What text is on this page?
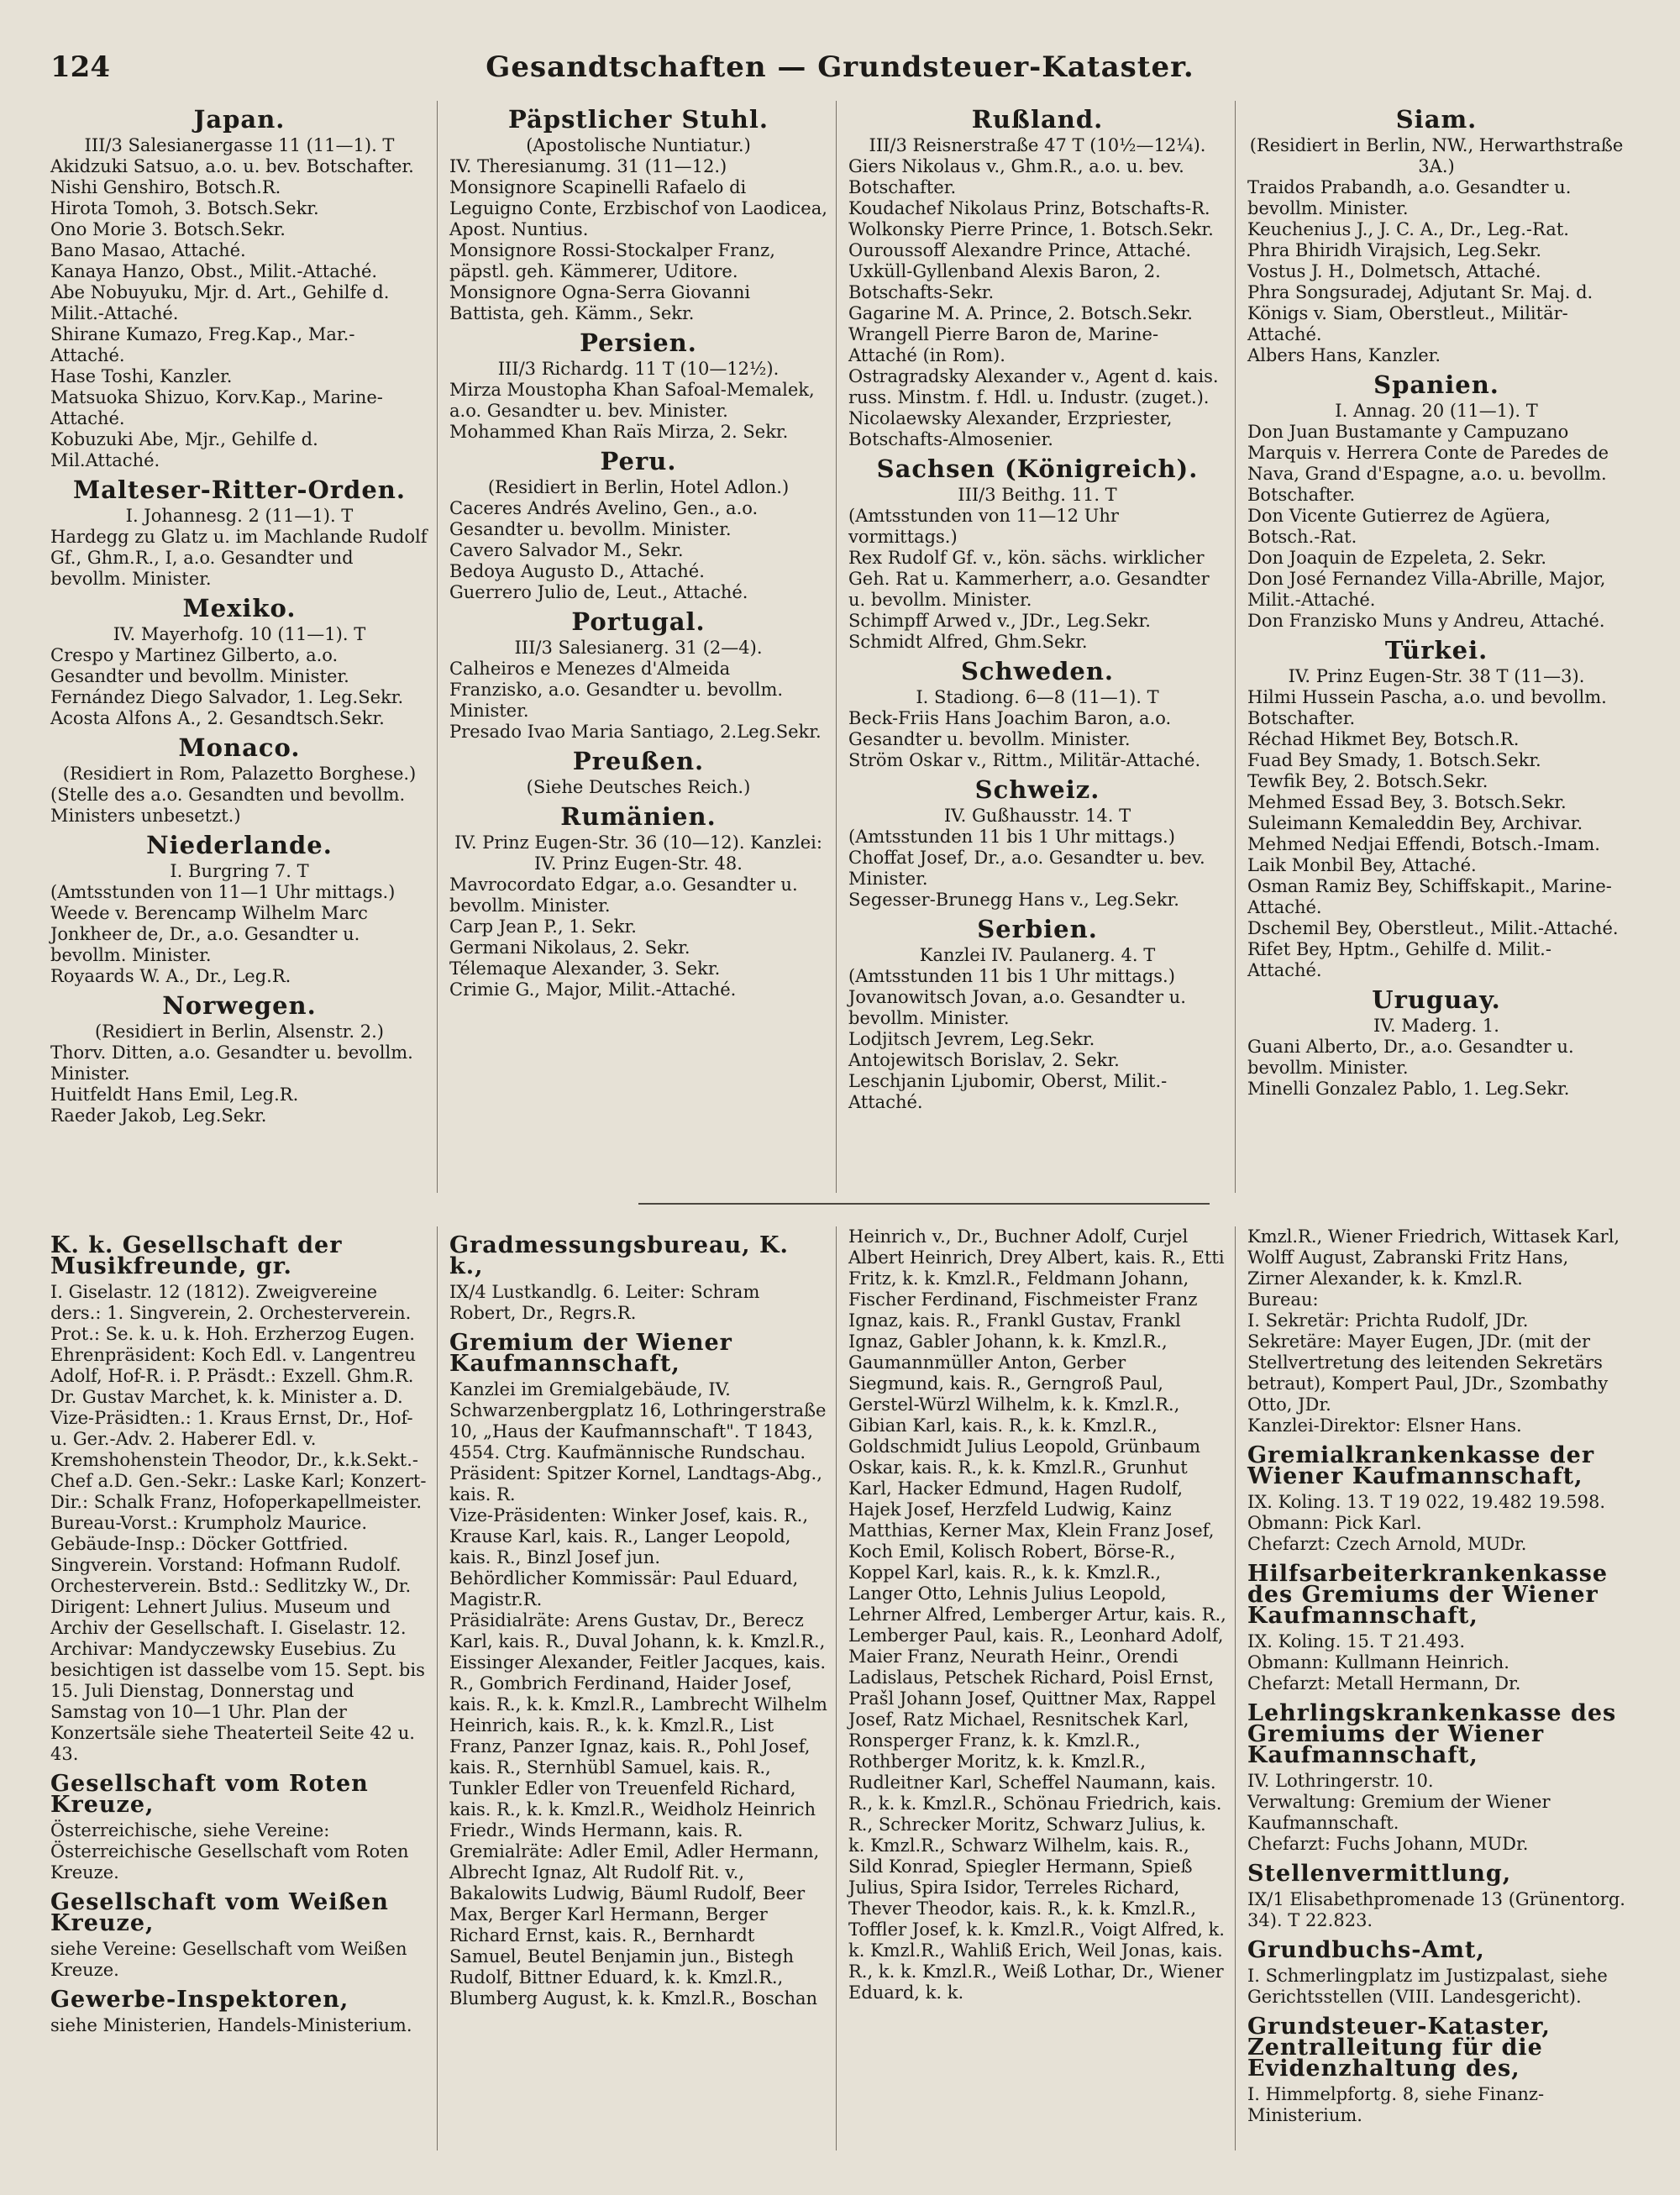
124	Gesandtschaften — Grundsteuer-Kataster.
Japan.
III/3 Salesianergasse 11 (11—1). T
Akidzuki Satsuo, a.o. u. bev. Botschafter.
Nishi Genshiro, Botsch.R.
Hirota Tomoh, 3. Botsch.Sekr.
Ono Morie 3. Botsch.Sekr.
Bano Masao, Attaché.
Kanaya Hanzo, Obst., Milit.-Attaché.
Abe Nobuyuku, Mjr. d. Art., Gehilfe d. Milit.-Attaché.
Shirane Kumazo, Freg.Kap., Mar.-Attaché.
Hase Toshi, Kanzler.
Matsuoka Shizuo, Korv.Kap., Marine-Attaché.
Kobuzuki Abe, Mjr., Gehilfe d. Mil.Attaché.
Malteser-Ritter-Orden.
I. Johannesg. 2 (11—1). T
Hardegg zu Glatz u. im Machlande Rudolf Gf., Ghm.R., I, a.o. Gesandter und bevollm. Minister.
Mexiko.
IV. Mayerhofg. 10 (11—1). T
Crespo y Martinez Gilberto, a.o. Gesandter und bevollm. Minister.
Fernández Diego Salvador, 1. Leg.Sekr.
Acosta Alfons A., 2. Gesandtsch.Sekr.
Monaco.
(Residiert in Rom, Palazetto Borghese.)
(Stelle des a.o. Gesandten und bevollm. Ministers unbesetzt.)
Niederlande.
I. Burgring 7. T
(Amtsstunden von 11—1 Uhr mittags.)
Weede v. Berencamp Wilhelm Marc Jonkheer de, Dr., a.o. Gesandter u. bevollm. Minister.
Royaards W. A., Dr., Leg.R.
Norwegen.
(Residiert in Berlin, Alsenstr. 2.)
Thorv. Ditten, a.o. Gesandter u. bevollm. Minister.
Huitfeldt Hans Emil, Leg.R.
Raeder Jakob, Leg.Sekr.
Päpstlicher Stuhl.
(Apostolische Nuntiatur.)
IV. Theresianumg. 31 (11—12.)
Monsignore Scapinelli Rafaelo di Leguigno Conte, Erzbischof von Laodicea, Apost. Nuntius.
Monsignore Rossi-Stockalper Franz, päpstl. geh. Kämmerer, Uditore.
Monsignore Ogna-Serra Giovanni Battista, geh. Kämm., Sekr.
Persien.
III/3 Richardg. 11 T (10—12½).
Mirza Moustopha Khan Safoal-Memalek, a.o. Gesandter u. bev. Minister.
Mohammed Khan Raïs Mirza, 2. Sekr.
Peru.
(Residiert in Berlin, Hotel Adlon.)
Caceres Andrés Avelino, Gen., a.o. Gesandter u. bevollm. Minister.
Cavero Salvador M., Sekr.
Bedoya Augusto D., Attaché.
Guerrero Julio de, Leut., Attaché.
Portugal.
III/3 Salesianerg. 31 (2—4).
Calheiros e Menezes d'Almeida Franzisko, a.o. Gesandter u. bevollm. Minister.
Presado Ivao Maria Santiago, 2.Leg.Sekr.
Preußen.
(Siehe Deutsches Reich.)
Rumänien.
IV. Prinz Eugen-Str. 36 (10—12). Kanzlei: IV. Prinz Eugen-Str. 48.
Mavrocordato Edgar, a.o. Gesandter u. bevollm. Minister.
Carp Jean P., 1. Sekr.
Germani Nikolaus, 2. Sekr.
Télemaque Alexander, 3. Sekr.
Crimie G., Major, Milit.-Attaché.
Rußland.
III/3 Reisnerstraße 47 T (10½—12¼).
Giers Nikolaus v., Ghm.R., a.o. u. bev. Botschafter.
Koudachef Nikolaus Prinz, Botschafts-R.
Wolkonsky Pierre Prince, 1. Botsch.Sekr.
Ouroussoff Alexandre Prince, Attaché.
Uxküll-Gyllenband Alexis Baron, 2. Botschafts-Sekr.
Gagarine M. A. Prince, 2. Botsch.Sekr.
Wrangell Pierre Baron de, Marine-Attaché (in Rom).
Ostragradsky Alexander v., Agent d. kais. russ. Minstm. f. Hdl. u. Industr. (zuget.).
Nicolaewsky Alexander, Erzpriester, Botschafts-Almosenier.
Sachsen (Königreich).
III/3 Beithg. 11. T
(Amtsstunden von 11—12 Uhr vormittags.)
Rex Rudolf Gf. v., kön. sächs. wirklicher Geh. Rat u. Kammerherr, a.o. Gesandter u. bevollm. Minister.
Schimpff Arwed v., JDr., Leg.Sekr.
Schmidt Alfred, Ghm.Sekr.
Schweden.
I. Stadiong. 6—8 (11—1). T
Beck-Friis Hans Joachim Baron, a.o. Gesandter u. bevollm. Minister.
Ström Oskar v., Rittm., Militär-Attaché.
Schweiz.
IV. Gußhausstr. 14. T
(Amtsstunden 11 bis 1 Uhr mittags.)
Choffat Josef, Dr., a.o. Gesandter u. bev. Minister.
Segesser-Brunegg Hans v., Leg.Sekr.
Serbien.
Kanzlei IV. Paulanerg. 4. T
(Amtsstunden 11 bis 1 Uhr mittags.)
Jovanowitsch Jovan, a.o. Gesandter u. bevollm. Minister.
Lodjitsch Jevrem, Leg.Sekr.
Antojewitsch Borislav, 2. Sekr.
Leschjanin Ljubomir, Oberst, Milit.-Attaché.
Siam.
(Residiert in Berlin, NW., Herwarthstraße 3A.)
Traidos Prabandh, a.o. Gesandter u. bevollm. Minister.
Keuchenius J., J. C. A., Dr., Leg.-Rat.
Phra Bhiridh Virajsich, Leg.Sekr.
Vostus J. H., Dolmetsch, Attaché.
Phra Songsuradej, Adjutant Sr. Maj. d. Königs v. Siam, Oberstleut., Militär-Attaché.
Albers Hans, Kanzler.
Spanien.
I. Annag. 20 (11—1). T
Don Juan Bustamante y Campuzano Marquis v. Herrera Conte de Paredes de Nava, Grand d'Espagne, a.o. u. bevollm. Botschafter.
Don Vicente Gutierrez de Agüera, Botsch.-Rat.
Don Joaquin de Ezpeleta, 2. Sekr.
Don José Fernandez Villa-Abrille, Major, Milit.-Attaché.
Don Franzisko Muns y Andreu, Attaché.
Türkei.
IV. Prinz Eugen-Str. 38 T (11—3).
Hilmi Hussein Pascha, a.o. und bevollm. Botschafter.
Réchad Hikmet Bey, Botsch.R.
Fuad Bey Smady, 1. Botsch.Sekr.
Tewfik Bey, 2. Botsch.Sekr.
Mehmed Essad Bey, 3. Botsch.Sekr.
Suleimann Kemaleddin Bey, Archivar.
Mehmed Nedjai Effendi, Botsch.-Imam.
Laik Monbil Bey, Attaché.
Osman Ramiz Bey, Schiffskapit., Marine-Attaché.
Dschemil Bey, Oberstleut., Milit.-Attaché.
Rifet Bey, Hptm., Gehilfe d. Milit.-Attaché.
Uruguay.
IV. Maderg. 1.
Guani Alberto, Dr., a.o. Gesandter u. bevollm. Minister.
Minelli Gonzalez Pablo, 1. Leg.Sekr.
K. k. Gesellschaft der Musikfreunde, gr.
I. Giselastr. 12 (1812). Zweigvereine ders.: 1. Singverein, 2. Orchesterverein. Prot.: Se. k. u. k. Hoh. Erzherzog Eugen. Ehrenpräsident: Koch Edl. v. Langentreu Adolf, Hof-R. i. P. Präsdt.: Exzell. Ghm.R. Dr. Gustav Marchet, k. k. Minister a. D. Vize-Präsidten.: 1. Kraus Ernst, Dr., Hof- u. Ger.-Adv. 2. Haberer Edl. v. Kremshohenstein Theodor, Dr., k.k.Sekt.-Chef a.D. Gen.-Sekr.: Laske Karl; Konzert-Dir.: Schalk Franz, Hofoperkapellmeister. Bureau-Vorst.: Krumpholz Maurice. Gebäude-Insp.: Döcker Gottfried. Singverein. Vorstand: Hofmann Rudolf. Orchesterverein. Bstd.: Sedlitzky W., Dr. Dirigent: Lehnert Julius. Museum und Archiv der Gesellschaft. I. Giselastr. 12. Archivar: Mandyczewsky Eusebius. Zu besichtigen ist dasselbe vom 15. Sept. bis 15. Juli Dienstag, Donnerstag und Samstag von 10—1 Uhr. Plan der Konzertsäle siehe Theaterteil Seite 42 u. 43.
Gesellschaft vom Roten Kreuze,
Österreichische, siehe Vereine: Österreichische Gesellschaft vom Roten Kreuze.
Gesellschaft vom Weißen Kreuze,
siehe Vereine: Gesellschaft vom Weißen Kreuze.
Gewerbe-Inspektoren,
siehe Ministerien, Handels-Ministerium.
Gradmessungsbureau, K. k.,
IX/4 Lustkandlg. 6. Leiter: Schram Robert, Dr., Regrs.R.
Gremium der Wiener Kaufmannschaft,
Kanzlei im Gremialgebäude, IV. Schwarzenbergplatz 16, Lothringerstraße 10, „Haus der Kaufmannschaft". T 1843, 4554. Ctrg. Kaufmännische Rundschau.
Präsident: Spitzer Kornel, Landtags-Abg., kais. R.
Vize-Präsidenten: Winker Josef, kais. R., Krause Karl, kais. R., Langer Leopold, kais. R., Binzl Josef jun.
Behördlicher Kommissär: Paul Eduard, Magistr.R.
Präsidialräte: Arens Gustav, Dr., Berecz Karl, kais. R., Duval Johann, k. k. Kmzl.R., Eissinger Alexander, Feitler Jacques, kais. R., Gombrich Ferdinand, Haider Josef, kais. R., k. k. Kmzl.R., Lambrecht Wilhelm Heinrich, kais. R., k. k. Kmzl.R., List Franz, Panzer Ignaz, kais. R., Pohl Josef, kais. R., Sternhübl Samuel, kais. R., Tunkler Edler von Treuenfeld Richard, kais. R., k. k. Kmzl.R., Weidholz Heinrich Friedr., Winds Hermann, kais. R.
Gremialräte: Adler Emil, Adler Hermann, Albrecht Ignaz, Alt Rudolf Rit. v., Bakalowits Ludwig, Bäuml Rudolf, Beer Max, Berger Karl Hermann, Berger Richard Ernst, kais. R., Bernhardt Samuel, Beutel Benjamin jun., Bistegh Rudolf, Bittner Eduard, k. k. Kmzl.R., Blumberg August, k. k. Kmzl.R., Boschan
Heinrich v., Dr., Buchner Adolf, Curjel Albert Heinrich, Drey Albert, kais. R., Etti Fritz, k. k. Kmzl.R., Feldmann Johann, Fischer Ferdinand, Fischmeister Franz Ignaz, kais. R., Frankl Gustav, Frankl Ignaz, Gabler Johann, k. k. Kmzl.R., Gaumannmüller Anton, Gerber Siegmund, kais. R., Gerngroß Paul, Gerstel-Würzl Wilhelm, k. k. Kmzl.R., Gibian Karl, kais. R., k. k. Kmzl.R., Goldschmidt Julius Leopold, Grünbaum Oskar, kais. R., k. k. Kmzl.R., Grunhut Karl, Hacker Edmund, Hagen Rudolf, Hajek Josef, Herzfeld Ludwig, Kainz Matthias, Kerner Max, Klein Franz Josef, Koch Emil, Kolisch Robert, Börse-R., Koppel Karl, kais. R., k. k. Kmzl.R., Langer Otto, Lehnis Julius Leopold, Lehrner Alfred, Lemberger Artur, kais. R., Lemberger Paul, kais. R., Leonhard Adolf, Maier Franz, Neurath Heinr., Orendi Ladislaus, Petschek Richard, Poisl Ernst, Prašl Johann Josef, Quittner Max, Rappel Josef, Ratz Michael, Resnitschek Karl, Ronsperger Franz, k. k. Kmzl.R., Rothberger Moritz, k. k. Kmzl.R., Rudleitner Karl, Scheffel Naumann, kais. R., k. k. Kmzl.R., Schönau Friedrich, kais. R., Schrecker Moritz, Schwarz Julius, k. k. Kmzl.R., Schwarz Wilhelm, kais. R., Sild Konrad, Spiegler Hermann, Spieß Julius, Spira Isidor, Terreles Richard, Thever Theodor, kais. R., k. k. Kmzl.R., Toffler Josef, k. k. Kmzl.R., Voigt Alfred, k. k. Kmzl.R., Wahliß Erich, Weil Jonas, kais. R., k. k. Kmzl.R., Weiß Lothar, Dr., Wiener Eduard, k. k.
Kmzl.R., Wiener Friedrich, Wittasek Karl, Wolff August, Zabranski Fritz Hans, Zirner Alexander, k. k. Kmzl.R.
Bureau:
I. Sekretär: Prichta Rudolf, JDr.
Sekretäre: Mayer Eugen, JDr. (mit der Stellvertretung des leitenden Sekretärs betraut), Kompert Paul, JDr., Szombathy Otto, JDr.
Kanzlei-Direktor: Elsner Hans.
Gremialkrankenkasse der Wiener Kaufmannschaft,
IX. Koling. 13. T 19 022, 19.482 19.598.
Obmann: Pick Karl.
Chefarzt: Czech Arnold, MUDr.
Hilfsarbeiterkrankenkasse des Gremiums der Wiener Kaufmannschaft,
IX. Koling. 15. T 21.493.
Obmann: Kullmann Heinrich.
Chefarzt: Metall Hermann, Dr.
Lehrlingskrankenkasse des Gremiums der Wiener Kaufmannschaft,
IV. Lothringerstr. 10.
Verwaltung: Gremium der Wiener Kaufmannschaft.
Chefarzt: Fuchs Johann, MUDr.
Stellenvermittlung,
IX/1 Elisabethpromenade 13 (Grünentorg. 34). T 22.823.
Grundbuchs-Amt,
I. Schmerlingplatz im Justizpalast, siehe Gerichtsstellen (VIII. Landesgericht).
Grundsteuer-Kataster, Zentralleitung für die Evidenzhaltung des,
I. Himmelpfortg. 8, siehe Finanz-Ministerium.
